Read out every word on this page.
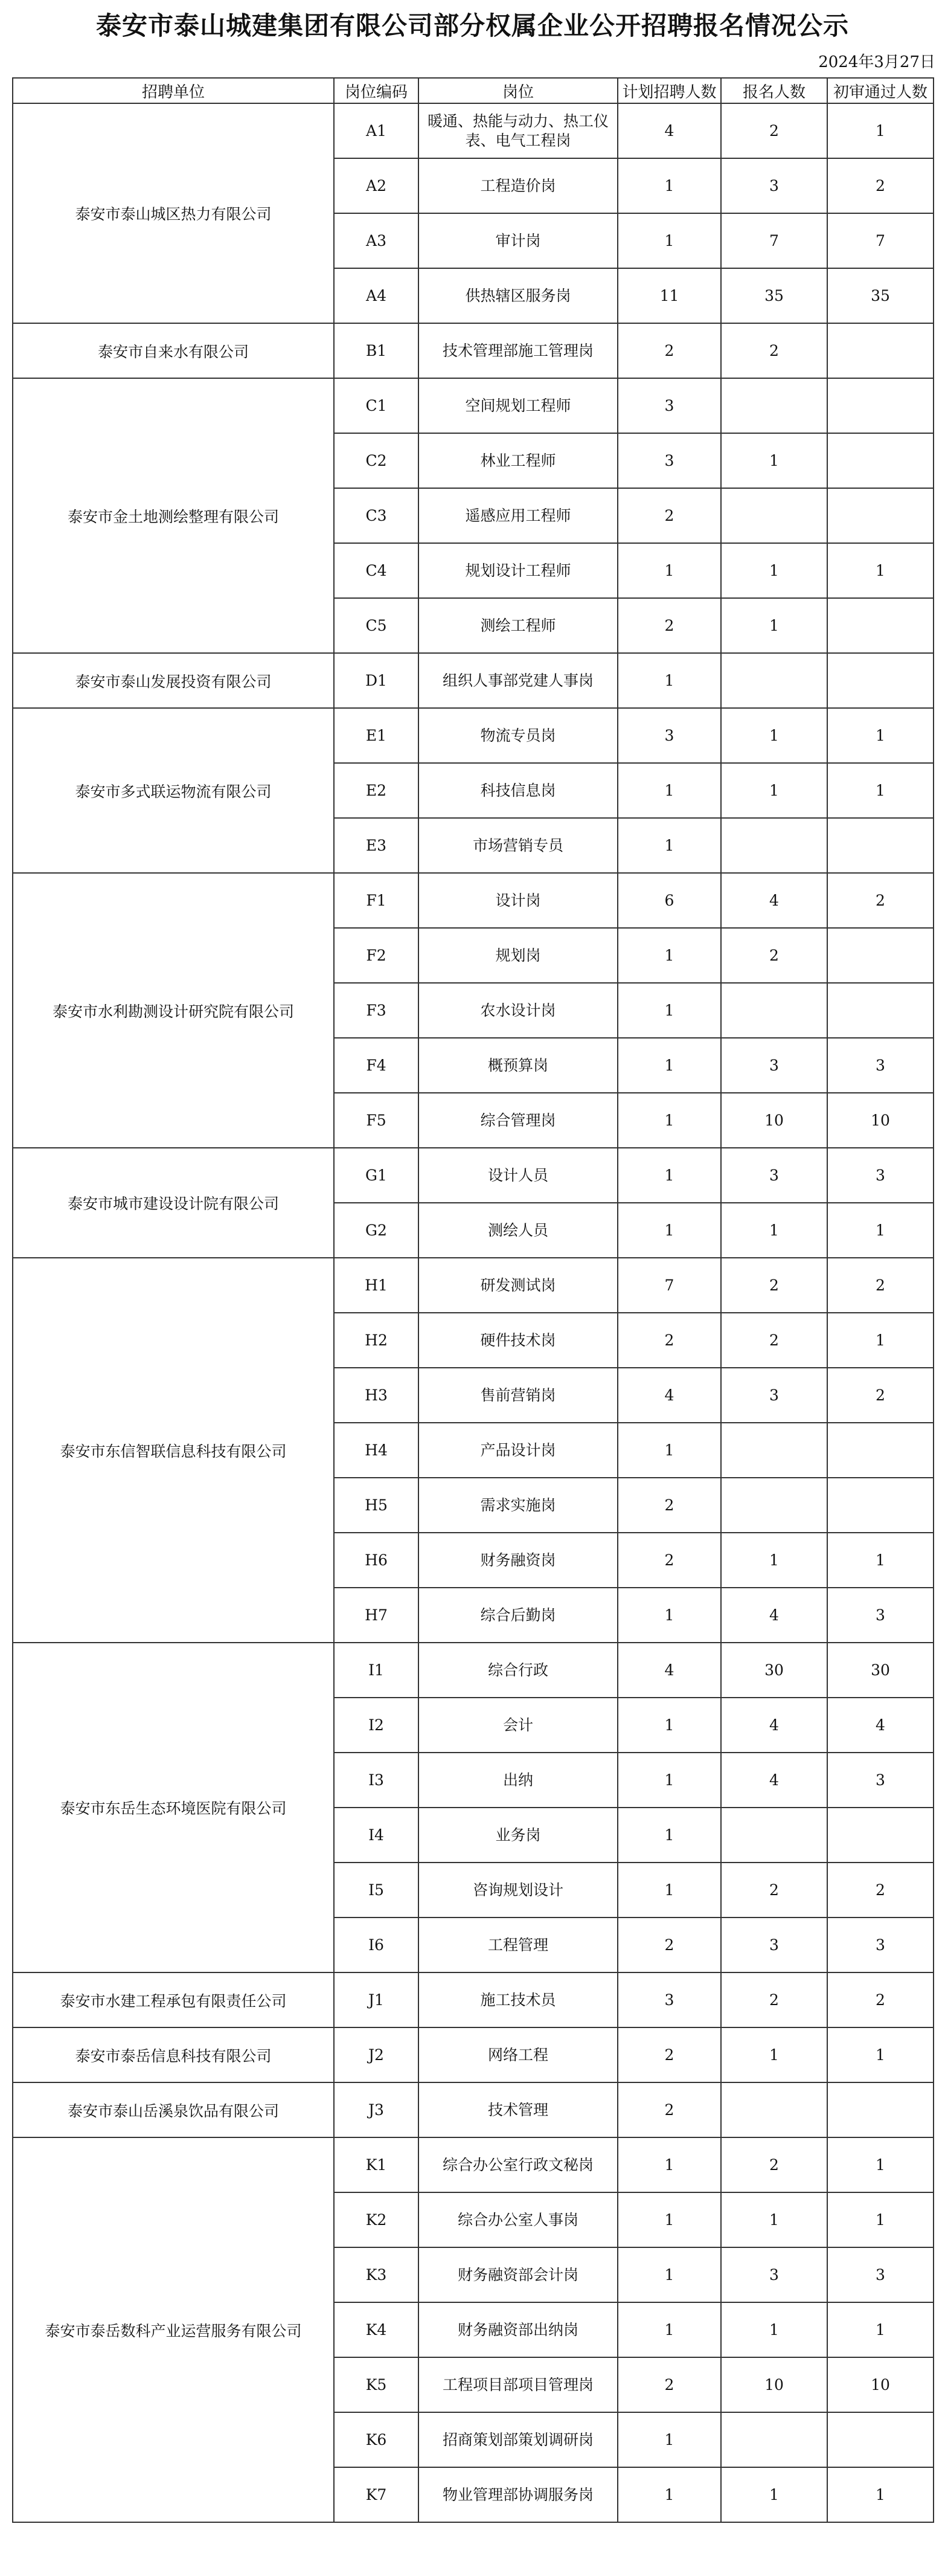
泰安市泰山城建集团有限公司部分权属企业公开招聘报名情况公示
2024年3月27日
招聘单位	岗位编码	岗位	计划招聘人数	报名人数	初审通过人数
泰安市泰山城区热力有限公司	A1	暖通、热能与动力、热工仪表、电气工程岗	4	2	1
	A2	工程造价岗	1	3	2
	A3	审计岗	1	7	7
	A4	供热辖区服务岗	11	35	35
泰安市自来水有限公司	B1	技术管理部施工管理岗	2	2	
泰安市金土地测绘整理有限公司	C1	空间规划工程师	3		
	C2	林业工程师	3	1	
	C3	遥感应用工程师	2		
	C4	规划设计工程师	1	1	1
	C5	测绘工程师	2	1	
泰安市泰山发展投资有限公司	D1	组织人事部党建人事岗	1		
泰安市多式联运物流有限公司	E1	物流专员岗	3	1	1
	E2	科技信息岗	1	1	1
	E3	市场营销专员	1		
泰安市水利勘测设计研究院有限公司	F1	设计岗	6	4	2
	F2	规划岗	1	2	
	F3	农水设计岗	1		
	F4	概预算岗	1	3	3
	F5	综合管理岗	1	10	10
泰安市城市建设设计院有限公司	G1	设计人员	1	3	3
	G2	测绘人员	1	1	1
泰安市东信智联信息科技有限公司	H1	研发测试岗	7	2	2
	H2	硬件技术岗	2	2	1
	H3	售前营销岗	4	3	2
	H4	产品设计岗	1		
	H5	需求实施岗	2		
	H6	财务融资岗	2	1	1
	H7	综合后勤岗	1	4	3
泰安市东岳生态环境医院有限公司	I1	综合行政	4	30	30
	I2	会计	1	4	4
	I3	出纳	1	4	3
	I4	业务岗	1		
	I5	咨询规划设计	1	2	2
	I6	工程管理	2	3	3
泰安市水建工程承包有限责任公司	J1	施工技术员	3	2	2
泰安市泰岳信息科技有限公司	J2	网络工程	2	1	1
泰安市泰山岳溪泉饮品有限公司	J3	技术管理	2		
泰安市泰岳数科产业运营服务有限公司	K1	综合办公室行政文秘岗	1	2	1
	K2	综合办公室人事岗	1	1	1
	K3	财务融资部会计岗	1	3	3
	K4	财务融资部出纳岗	1	1	1
	K5	工程项目部项目管理岗	2	10	10
	K6	招商策划部策划调研岗	1		
	K7	物业管理部协调服务岗	1	1	1
